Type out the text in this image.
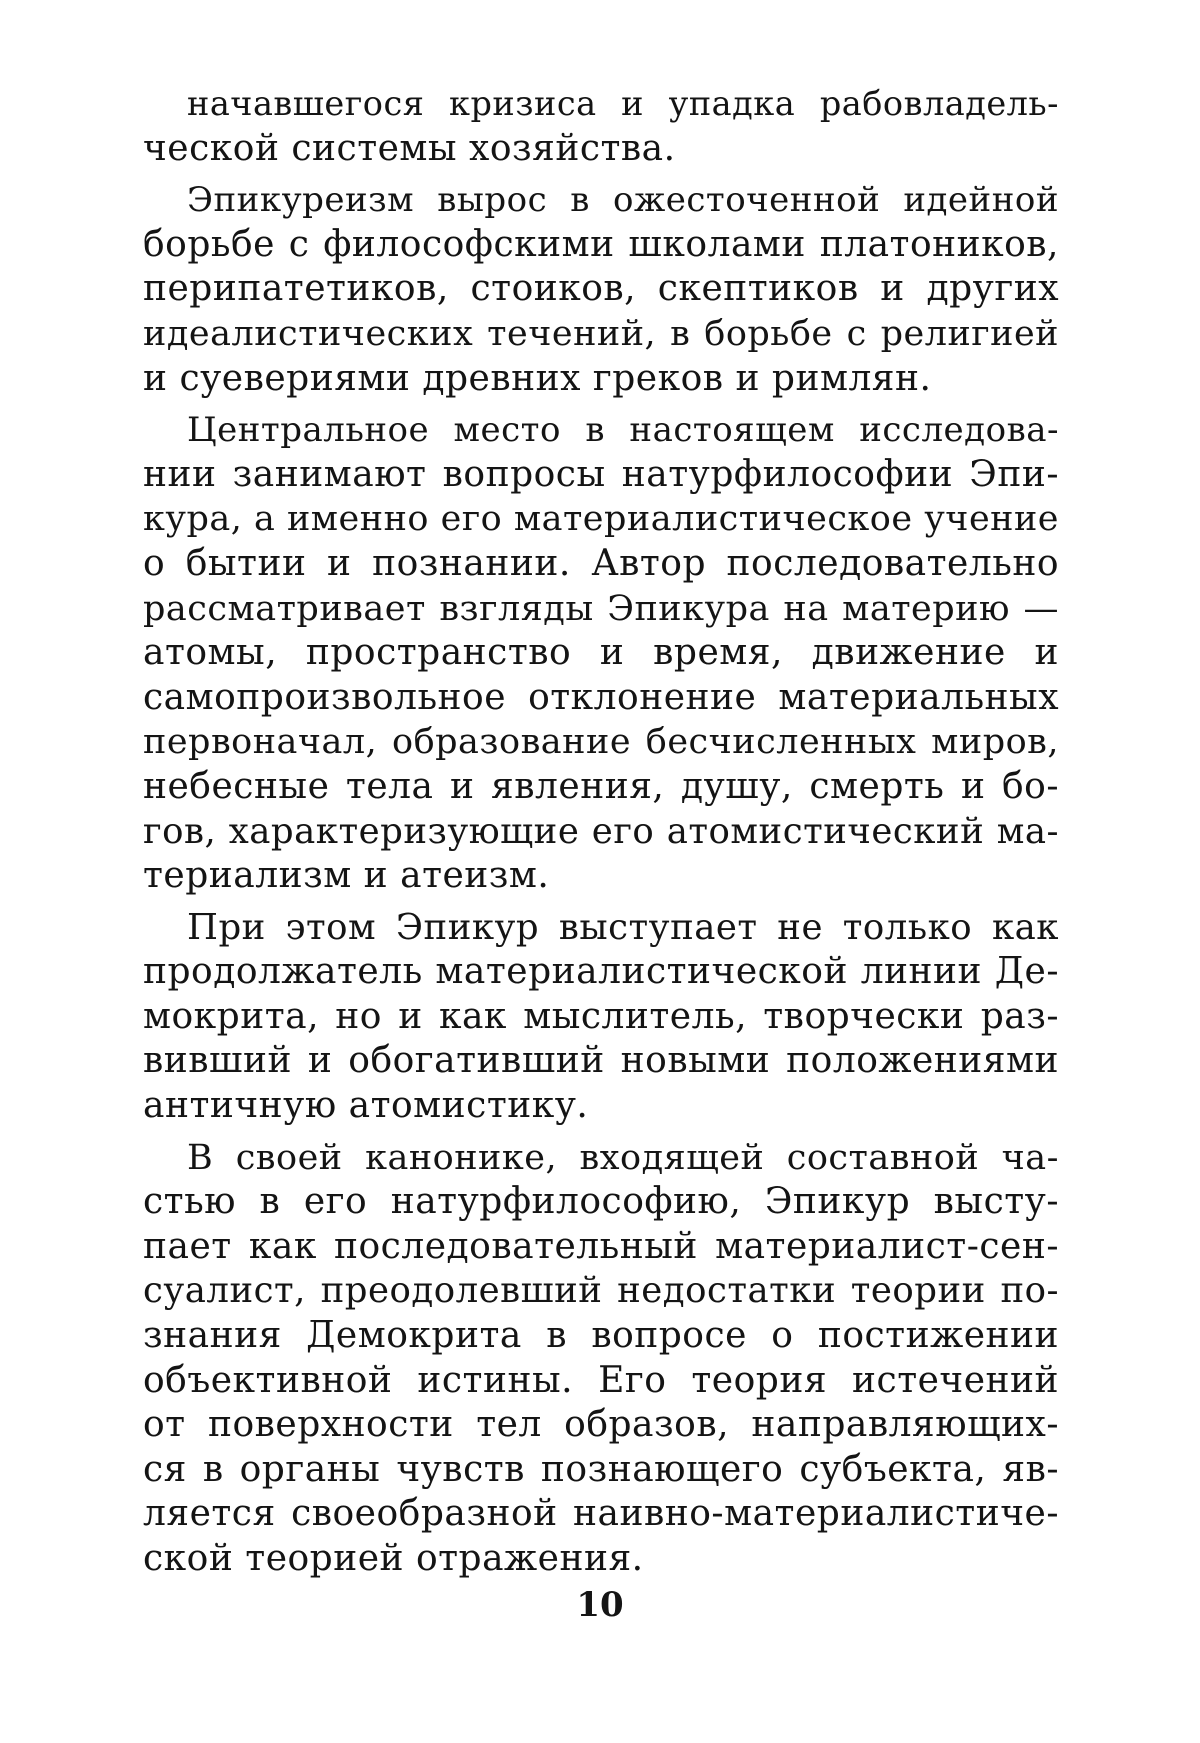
начавшегося кризиса и упадка рабовладель-
ческой системы хозяйства.
Эпикуреизм вырос в ожесточенной идейной
борьбе с философскими школами платоников,
перипатетиков, стоиков, скептиков и других
идеалистических течений, в борьбе с религией
и суевериями древних греков и римлян.
Центральное место в настоящем исследова-
нии занимают вопросы натурфилософии Эпи-
кура, а именно его материалистическое учение
о бытии и познании. Автор последовательно
рассматривает взгляды Эпикура на материю —
атомы, пространство и время, движение и
самопроизвольное отклонение материальных
первоначал, образование бесчисленных миров,
небесные тела и явления, душу, смерть и бо-
гов, характеризующие его атомистический ма-
териализм и атеизм.
При этом Эпикур выступает не только как
продолжатель материалистической линии Де-
мокрита, но и как мыслитель, творчески раз-
вивший и обогативший новыми положениями
античную атомистику.
В своей канонике, входящей составной ча-
стью в его натурфилософию, Эпикур высту-
пает как последовательный материалист-сен-
суалист, преодолевший недостатки теории по-
знания Демокрита в вопросе о постижении
объективной истины. Его теория истечений
от поверхности тел образов, направляющих-
ся в органы чувств познающего субъекта, яв-
ляется своеобразной наивно-материалистиче-
ской теорией отражения.
10
